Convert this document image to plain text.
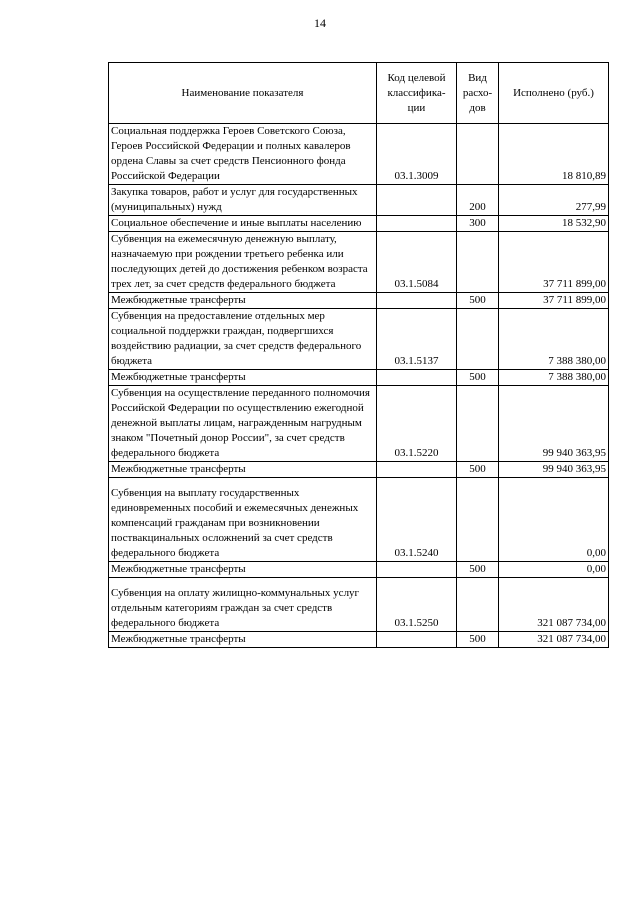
14
Наименование показателя	Код целевой классифика-ции	Вид расхо-дов	Исполнено (руб.)
Социальная поддержка Героев Советского Союза, Героев Российской Федерации и полных кавалеров ордена Славы за счет средств Пенсионного фонда Российской Федерации	03.1.3009		18 810,89
Закупка товаров, работ и услуг для государственных (муниципальных) нужд		200	277,99
Социальное обеспечение и иные выплаты населению		300	18 532,90
Субвенция на ежемесячную денежную выплату, назначаемую при рождении третьего ребенка или последующих детей до достижения ребенком возраста трех лет, за счет средств федерального бюджета	03.1.5084		37 711 899,00
Межбюджетные трансферты		500	37 711 899,00
Субвенция на предоставление отдельных мер социальной поддержки граждан, подвергшихся воздействию радиации, за счет средств федерального бюджета	03.1.5137		7 388 380,00
Межбюджетные трансферты		500	7 388 380,00
Субвенция на осуществление переданного полномочия Российской Федерации по осуществлению ежегодной денежной выплаты лицам, награжденным нагрудным знаком "Почетный донор России", за счет средств федерального бюджета	03.1.5220		99 940 363,95
Межбюджетные трансферты		500	99 940 363,95
Субвенция на выплату государственных единовременных пособий и ежемесячных денежных компенсаций гражданам при возникновении поствакцинальных осложнений за счет средств федерального бюджета	03.1.5240		0,00
Межбюджетные трансферты		500	0,00
Субвенция на оплату жилищно-коммунальных услуг отдельным категориям граждан за счет средств федерального бюджета	03.1.5250		321 087 734,00
Межбюджетные трансферты		500	321 087 734,00
